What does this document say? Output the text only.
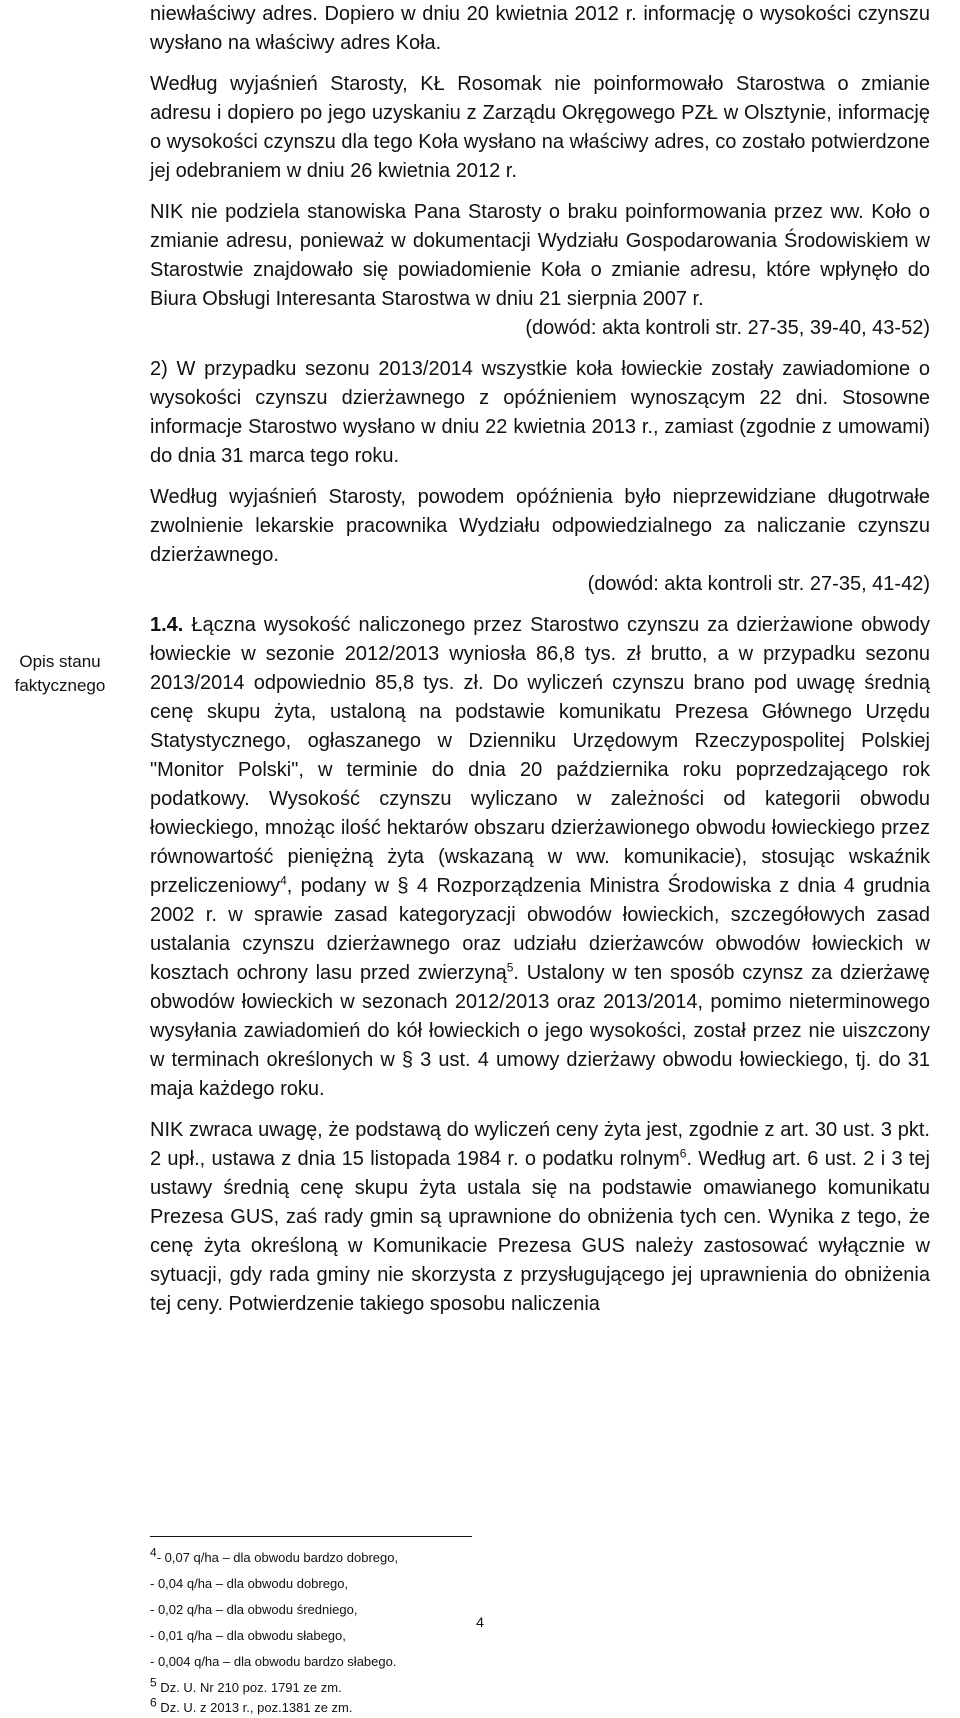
Opis stanu faktycznego

niewłaściwy adres. Dopiero w dniu 20 kwietnia 2012 r. informację o wysokości czynszu wysłano na właściwy adres Koła.

Według wyjaśnień Starosty, KŁ Rosomak nie poinformowało Starostwa o zmianie adresu i dopiero po jego uzyskaniu z Zarządu Okręgowego PZŁ w Olsztynie, informację o wysokości czynszu dla tego Koła wysłano na właściwy adres, co zostało potwierdzone jej odebraniem w dniu 26 kwietnia 2012 r.

NIK nie podziela stanowiska Pana Starosty o braku poinformowania przez ww. Koło o zmianie adresu, ponieważ w dokumentacji Wydziału Gospodarowania Środowiskiem w Starostwie znajdowało się powiadomienie Koła o zmianie adresu, które wpłynęło do Biura Obsługi Interesanta Starostwa w dniu 21 sierpnia 2007 r.

(dowód: akta kontroli str. 27-35, 39-40, 43-52)

2) W przypadku sezonu 2013/2014 wszystkie koła łowieckie zostały zawiadomione o wysokości czynszu dzierżawnego z opóźnieniem wynoszącym 22 dni. Stosowne informacje Starostwo wysłano w dniu 22 kwietnia 2013 r., zamiast (zgodnie z umowami) do dnia 31 marca tego roku.

Według wyjaśnień Starosty, powodem opóźnienia było nieprzewidziane długotrwałe zwolnienie lekarskie pracownika Wydziału odpowiedzialnego za naliczanie czynszu dzierżawnego.

(dowód: akta kontroli str. 27-35, 41-42)

1.4. Łączna wysokość naliczonego przez Starostwo czynszu za dzierżawione obwody łowieckie w sezonie 2012/2013 wyniosła 86,8 tys. zł brutto, a w przypadku sezonu 2013/2014 odpowiednio 85,8 tys. zł. Do wyliczeń czynszu brano pod uwagę średnią cenę skupu żyta, ustaloną na podstawie komunikatu Prezesa Głównego Urzędu Statystycznego, ogłaszanego w Dzienniku Urzędowym Rzeczypospolitej Polskiej "Monitor Polski", w terminie do dnia 20 października roku poprzedzającego rok podatkowy. Wysokość czynszu wyliczano w zależności od kategorii obwodu łowieckiego, mnożąc ilość hektarów obszaru dzierżawionego obwodu łowieckiego przez równowartość pieniężną żyta (wskazaną w ww. komunikacie), stosując wskaźnik przeliczeniowy$^4$, podany w § 4 Rozporządzenia Ministra Środowiska z dnia 4 grudnia 2002 r. w sprawie zasad kategoryzacji obwodów łowieckich, szczegółowych zasad ustalania czynszu dzierżawnego oraz udziału dzierżawców obwodów łowieckich w kosztach ochrony lasu przed zwierzyną$^5$. Ustalony w ten sposób czynsz za dzierżawę obwodów łowieckich w sezonach 2012/2013 oraz 2013/2014, pomimo nieterminowego wysyłania zawiadomień do kół łowieckich o jego wysokości, został przez nie uiszczony w terminach określonych w § 3 ust. 4 umowy dzierżawy obwodu łowieckiego, tj. do 31 maja każdego roku.

NIK zwraca uwagę, że podstawą do wyliczeń ceny żyta jest, zgodnie z art. 30 ust. 3 pkt. 2 upł., ustawa z dnia 15 listopada 1984 r. o podatku rolnym$^6$. Według art. 6 ust. 2 i 3 tej ustawy średnią cenę skupu żyta ustala się na podstawie omawianego komunikatu Prezesa GUS, zaś rady gmin są uprawnione do obniżenia tych cen. Wynika z tego, że cenę żyta określoną w Komunikacie Prezesa GUS należy zastosować wyłącznie w sytuacji, gdy rada gminy nie skorzysta z przysługującego jej uprawnienia do obniżenia tej ceny. Potwierdzenie takiego sposobu naliczenia

$^4$- 0,07 q/ha – dla obwodu bardzo dobrego,
- 0,04 q/ha – dla obwodu dobrego,
- 0,02 q/ha – dla obwodu średniego,
- 0,01 q/ha – dla obwodu słabego,
- 0,004 q/ha – dla obwodu bardzo słabego.
$^5$ Dz. U. Nr 210 poz. 1791 ze zm.
$^6$ Dz. U. z 2013 r., poz.1381 ze zm.
4
